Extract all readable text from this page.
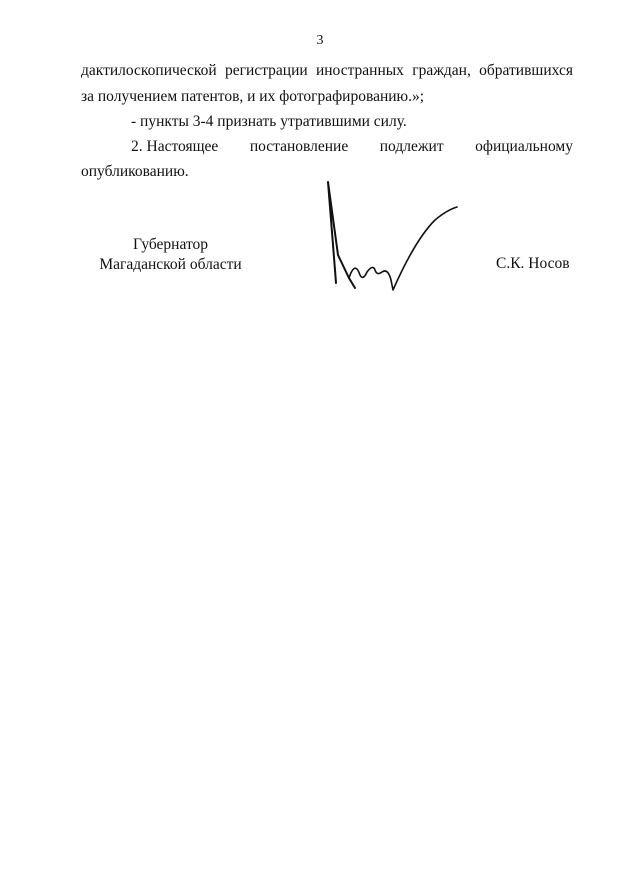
3
дактилоскопической регистрации иностранных граждан, обратившихся
за получением патентов, и их фотографированию.»;
- пункты 3-4 признать утратившими силу.
2. Настоящее постановление подлежит официальному
опубликованию.
Губернатор
Магаданской области	С.К. Носов
